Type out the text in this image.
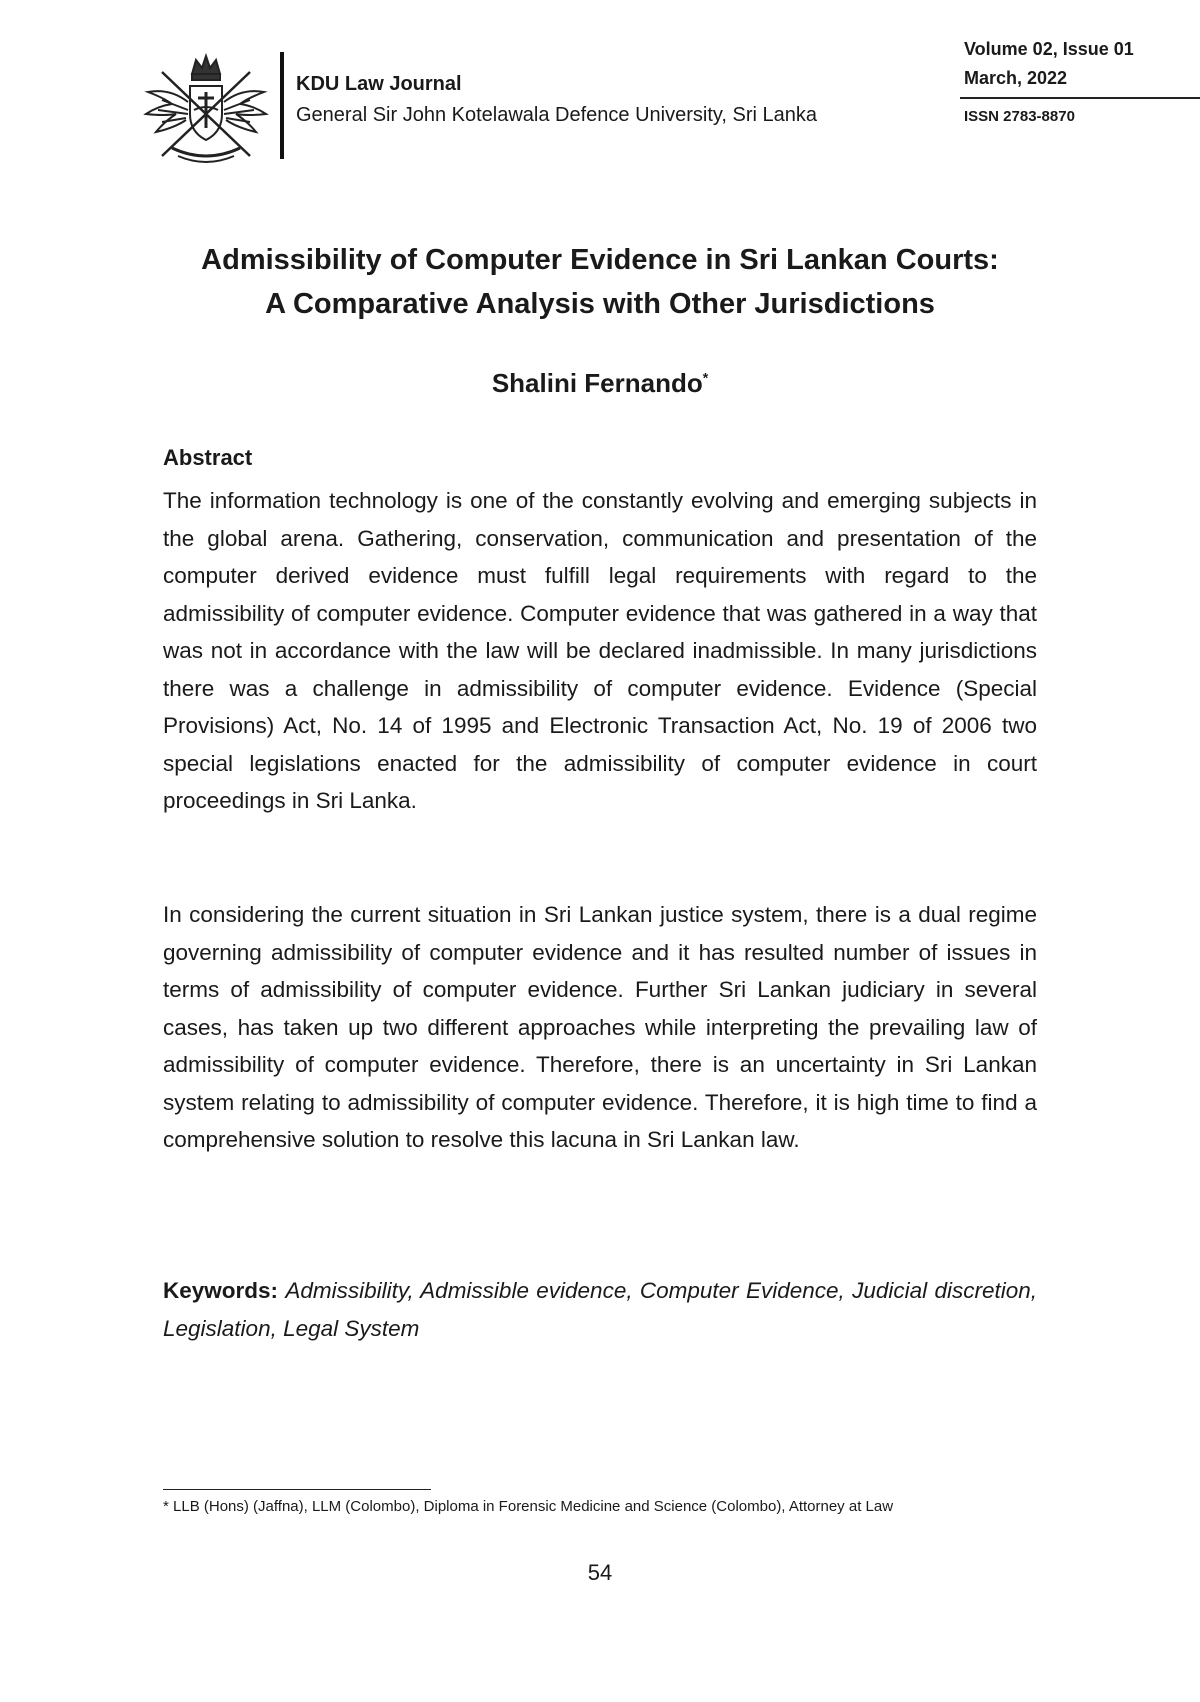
KDU Law Journal
General Sir John Kotelawala Defence University, Sri Lanka
Volume 02, Issue 01
March, 2022
ISSN 2783-8870
Admissibility of Computer Evidence in Sri Lankan Courts:
A Comparative Analysis with Other Jurisdictions
Shalini Fernando*
Abstract
The information technology is one of the constantly evolving and emerging subjects in the global arena. Gathering, conservation, communication and presentation of the computer derived evidence must fulfill legal requirements with regard to the admissibility of computer evidence. Computer evidence that was gathered in a way that was not in accordance with the law will be declared inadmissible. In many jurisdictions there was a challenge in admissibility of computer evidence. Evidence (Special Provisions) Act, No. 14 of 1995 and Electronic Transaction Act, No. 19 of 2006 two special legislations enacted for the admissibility of computer evidence in court proceedings in Sri Lanka.
In considering the current situation in Sri Lankan justice system, there is a dual regime governing admissibility of computer evidence and it has resulted number of issues in terms of admissibility of computer evidence. Further Sri Lankan judiciary in several cases, has taken up two different approaches while interpreting the prevailing law of admissibility of computer evidence. Therefore, there is an uncertainty in Sri Lankan system relating to admissibility of computer evidence. Therefore, it is high time to find a comprehensive solution to resolve this lacuna in Sri Lankan law.
Keywords: Admissibility, Admissible evidence, Computer Evidence, Judicial discretion, Legislation, Legal System
* LLB (Hons) (Jaffna), LLM (Colombo), Diploma in Forensic Medicine and Science (Colombo), Attorney at Law
54
